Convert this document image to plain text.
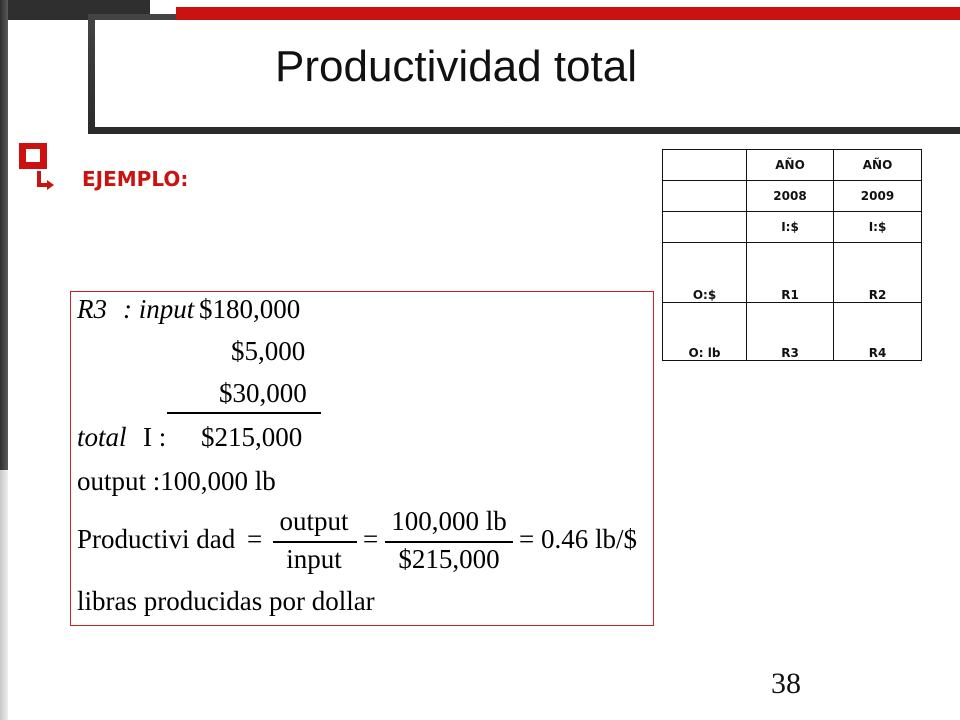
Productividad total
EJEMPLO:
	AÑO	AÑO
	2008	2009
	I:$	I:$
O:$	R1	R2
O: lb	R3	R4
R3 : input $180,000
$5,000
$30,000
total I : $215,000
output :100,000 lb
Productivi dad =
output
input
=
100,000 lb
$215,000
= 0.46 lb/$
libras producidas por dollar
38
